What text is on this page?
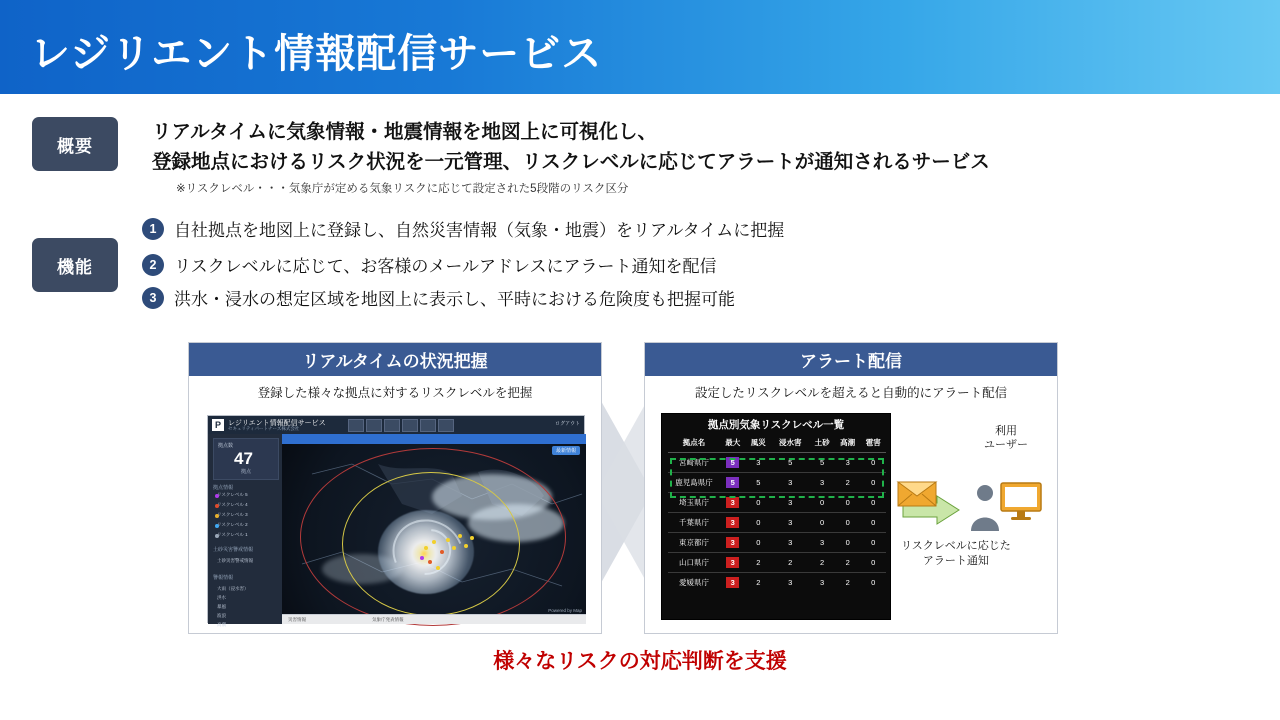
レジリエント情報配信サービス
概要
リアルタイムに気象情報・地震情報を地図上に可視化し、
登録地点におけるリスク状況を一元管理、リスクレベルに応じてアラートが通知されるサービス
※リスクレベル・・・気象庁が定める気象リスクに応じて設定された5段階のリスク区分
機能
1	自社拠点を地図上に登録し、自然災害情報（気象・地震）をリアルタイムに把握
2	リスクレベルに応じて、お客様のメールアドレスにアラート通知を配信
3	洪水・浸水の想定区域を地図上に表示し、平時における危険度も把握可能
リアルタイムの状況把握
登録した様々な拠点に対するリスクレベルを把握
P	レジリエント情報配信サービス
セキュリティパートナーズ株式会社
ログアウト
拠点数
47
拠点
拠点情報
リスクレベル 5
リスクレベル 4
リスクレベル 3
リスクレベル 2
リスクレベル 1
土砂災害警戒情報
土砂災害警戒情報
警報情報
大雨（浸水害）
洪水
暴風
波浪
高潮
最新情報
Powered by Map
災害情報	気象庁発表情報
アラート配信
設定したリスクレベルを超えると自動的にアラート配信
拠点別気象リスクレベル一覧
拠点名	最大	風災	浸水害	土砂	高潮	雹害
宮崎県庁	5	3	5	5	3	0
鹿児島県庁	5	5	3	3	2	0
埼玉県庁	3	0	3	0	0	0
千葉県庁	3	0	3	0	0	0
東京都庁	3	0	3	3	0	0
山口県庁	3	2	2	2	2	0
愛媛県庁	3	2	3	3	2	0
利用
ユーザー
リスクレベルに応じた
アラート通知
様々なリスクの対応判断を支援
